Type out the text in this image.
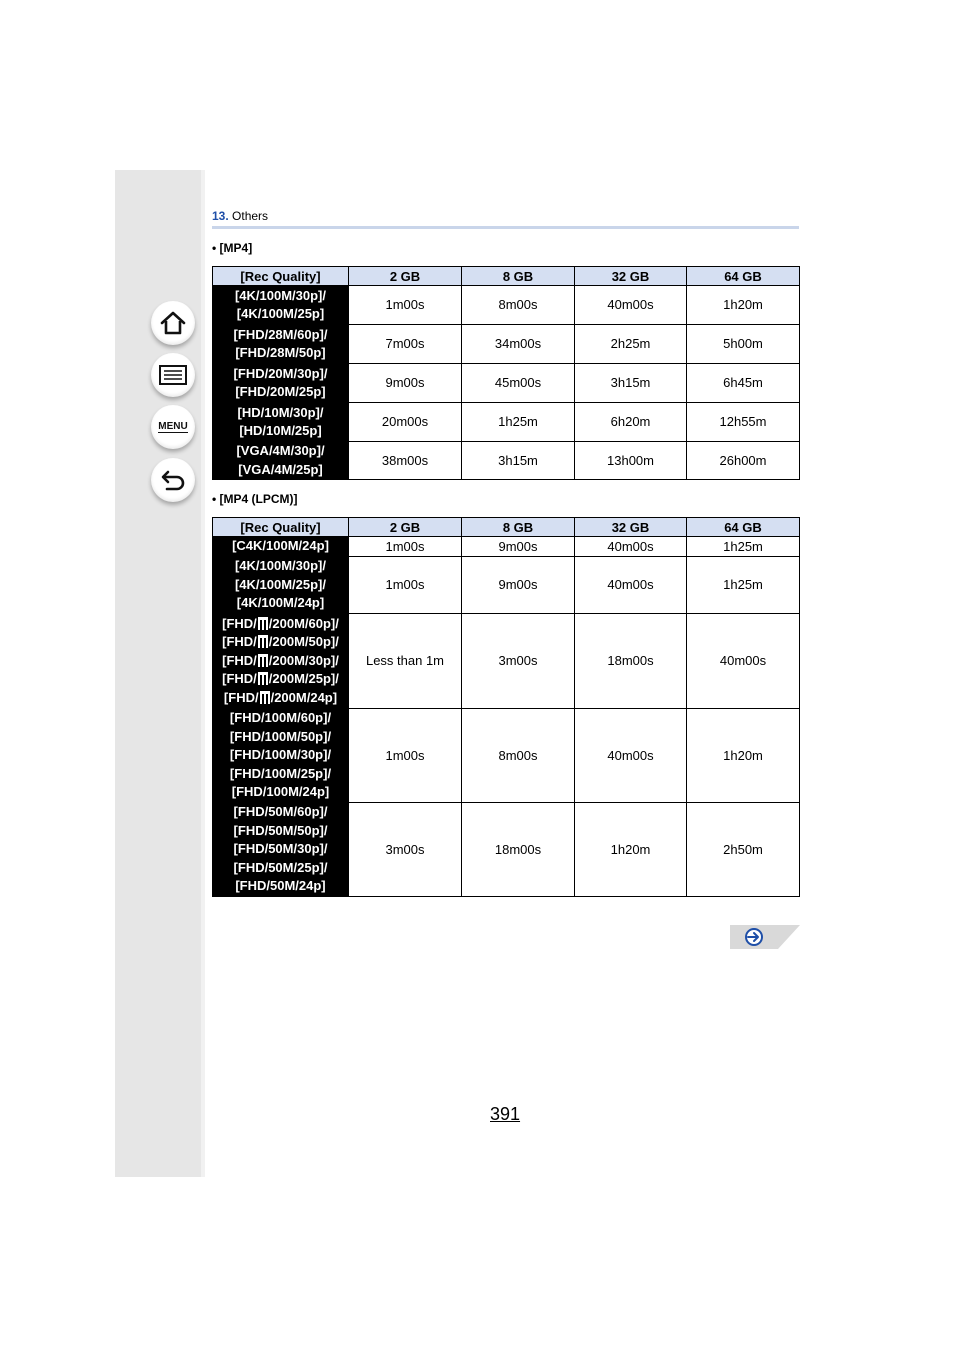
MENU
13. Others
• [MP4]
[Rec Quality]	2 GB	8 GB	32 GB	64 GB
[4K/100M/30p]/
[4K/100M/25p]	1m00s	8m00s	40m00s	1h20m
[FHD/28M/60p]/
[FHD/28M/50p]	7m00s	34m00s	2h25m	5h00m
[FHD/20M/30p]/
[FHD/20M/25p]	9m00s	45m00s	3h15m	6h45m
[HD/10M/30p]/
[HD/10M/25p]	20m00s	1h25m	6h20m	12h55m
[VGA/4M/30p]/
[VGA/4M/25p]	38m00s	3h15m	13h00m	26h00m
• [MP4 (LPCM)]
[Rec Quality]	2 GB	8 GB	32 GB	64 GB
[C4K/100M/24p]	1m00s	9m00s	40m00s	1h25m
[4K/100M/30p]/
[4K/100M/25p]/
[4K/100M/24p]	1m00s	9m00s	40m00s	1h25m
[FHD/ /200M/60p]/
[FHD/ /200M/50p]/
[FHD/ /200M/30p]/
[FHD/ /200M/25p]/
[FHD/ /200M/24p]	Less than 1m	3m00s	18m00s	40m00s
[FHD/100M/60p]/
[FHD/100M/50p]/
[FHD/100M/30p]/
[FHD/100M/25p]/
[FHD/100M/24p]	1m00s	8m00s	40m00s	1h20m
[FHD/50M/60p]/
[FHD/50M/50p]/
[FHD/50M/30p]/
[FHD/50M/25p]/
[FHD/50M/24p]	3m00s	18m00s	1h20m	2h50m
391
